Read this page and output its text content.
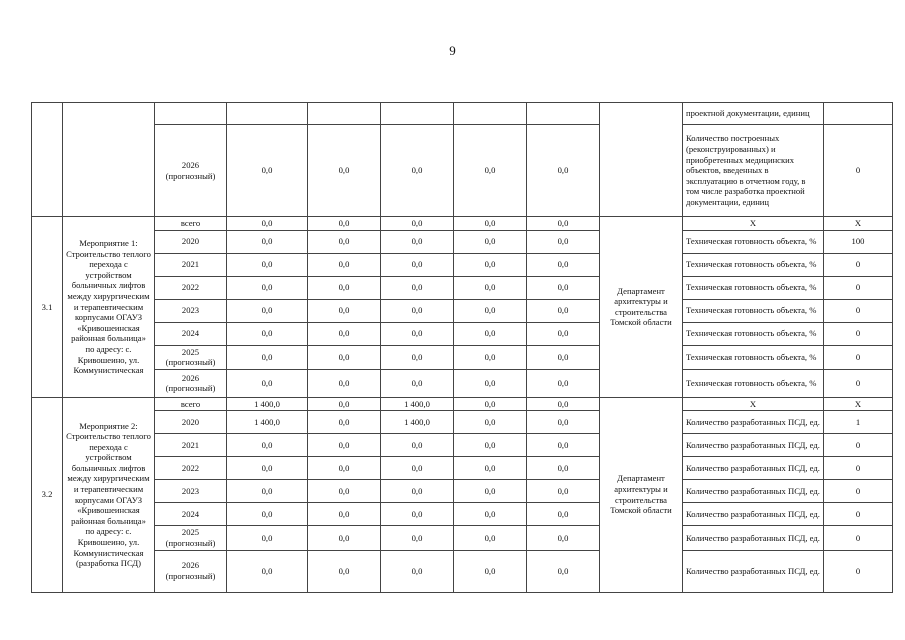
9
									проектной документации, единиц	
		2026 (прогнозный)	0,0	0,0	0,0	0,0	0,0		Количество построенных (реконструированных) и приобретенных медицинских объектов, введенных в эксплуатацию в отчетном году, в том числе разработка проектной документации, единиц	0
3.1	Мероприятие 1: Строительство теплого перехода с устройством больничных лифтов между хирургическим и терапевтическим корпусами ОГАУЗ «Кривошеинская районная больница» по адресу: с. Кривошеино, ул. Коммунистическая	всего	0,0	0,0	0,0	0,0	0,0	Департамент архитектуры и строительства Томской области	X	X
		2020	0,0	0,0	0,0	0,0	0,0		Техническая готовность объекта, %	100
		2021	0,0	0,0	0,0	0,0	0,0		Техническая готовность объекта, %	0
		2022	0,0	0,0	0,0	0,0	0,0		Техническая готовность объекта, %	0
		2023	0,0	0,0	0,0	0,0	0,0		Техническая готовность объекта, %	0
		2024	0,0	0,0	0,0	0,0	0,0		Техническая готовность объекта, %	0
		2025 (прогнозный)	0,0	0,0	0,0	0,0	0,0		Техническая готовность объекта, %	0
		2026 (прогнозный)	0,0	0,0	0,0	0,0	0,0		Техническая готовность объекта, %	0
3.2	Мероприятие 2: Строительство теплого перехода с устройством больничных лифтов между хирургическим и терапевтическим корпусами ОГАУЗ «Кривошеинская районная больница» по адресу: с. Кривошеино, ул. Коммунистическая (разработка ПСД)	всего	1 400,0	0,0	1 400,0	0,0	0,0	Департамент архитектуры и строительства Томской области	X	X
		2020	1 400,0	0,0	1 400,0	0,0	0,0		Количество разработанных ПСД, ед.	1
		2021	0,0	0,0	0,0	0,0	0,0		Количество разработанных ПСД, ед.	0
		2022	0,0	0,0	0,0	0,0	0,0		Количество разработанных ПСД, ед.	0
		2023	0,0	0,0	0,0	0,0	0,0		Количество разработанных ПСД, ед.	0
		2024	0,0	0,0	0,0	0,0	0,0		Количество разработанных ПСД, ед.	0
		2025 (прогнозный)	0,0	0,0	0,0	0,0	0,0		Количество разработанных ПСД, ед.	0
		2026 (прогнозный)	0,0	0,0	0,0	0,0	0,0		Количество разработанных ПСД, ед.	0
